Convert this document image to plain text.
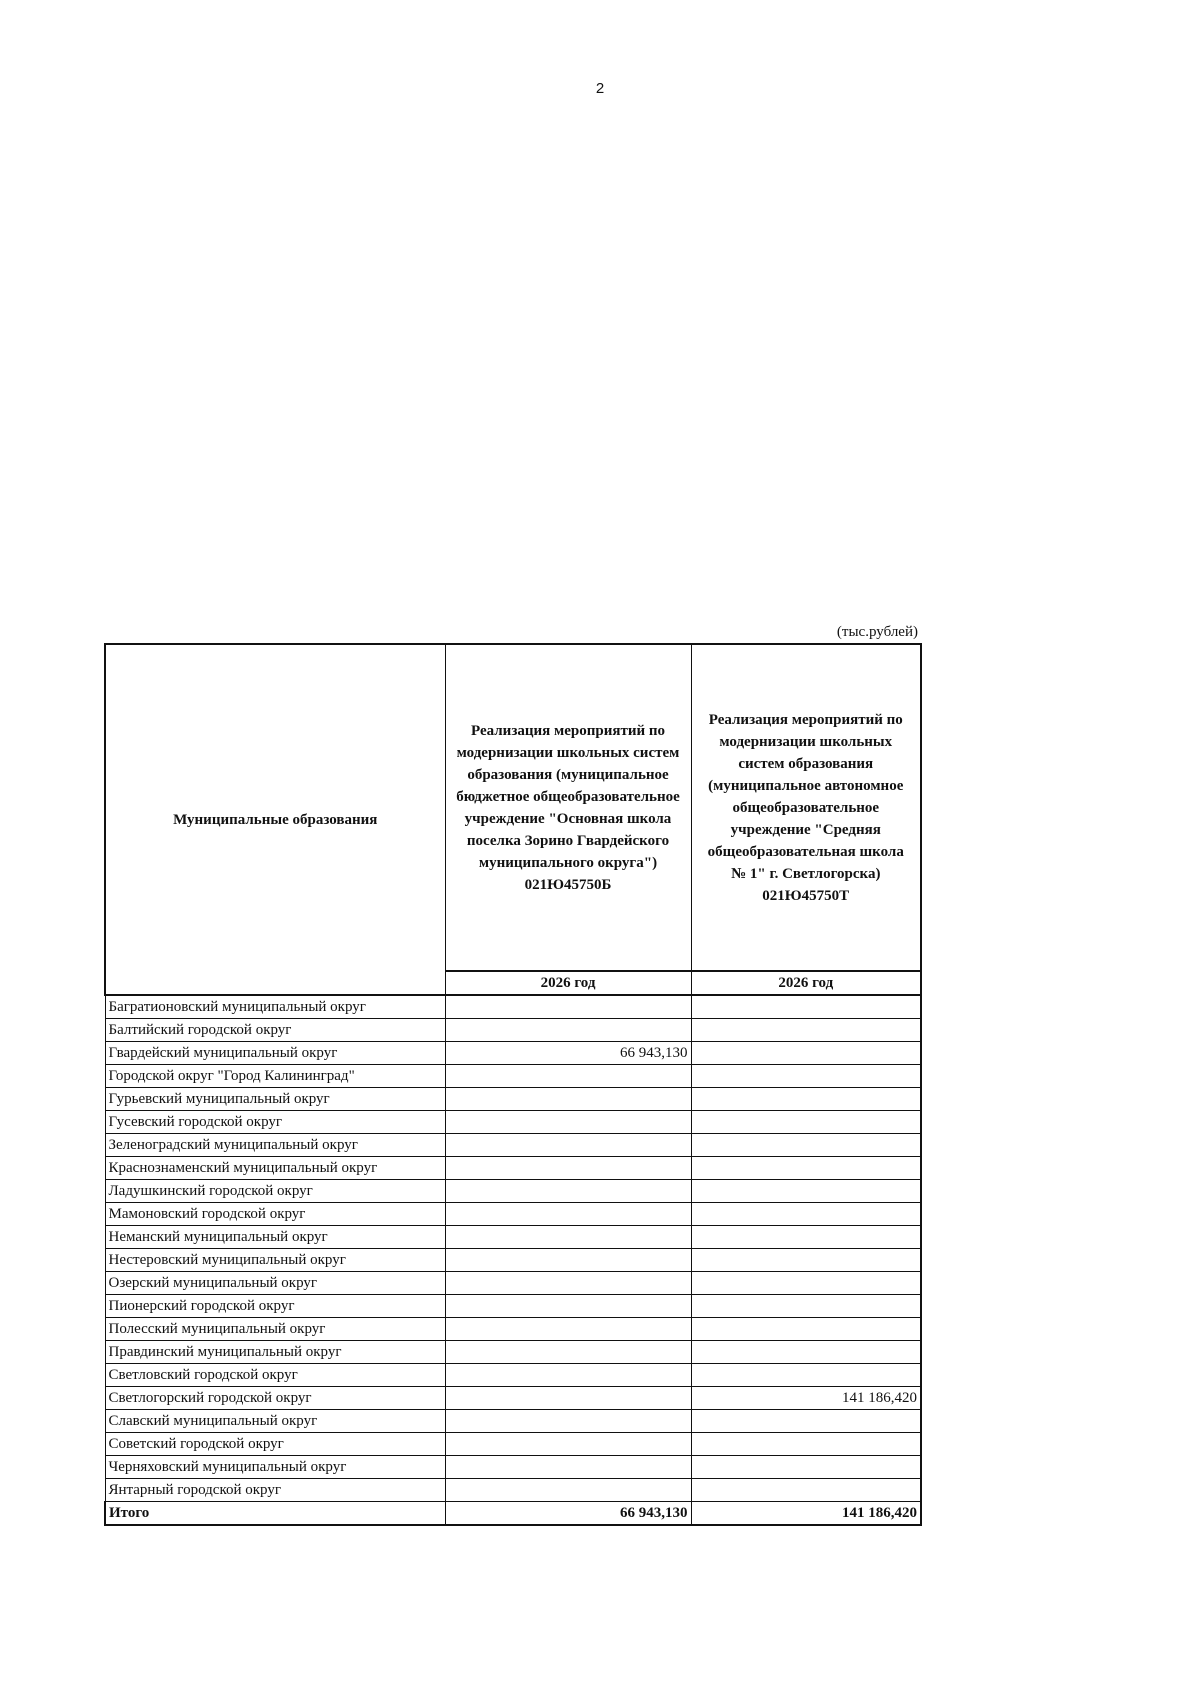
2
(тыс.рублей)
Муниципальные образования	Реализация мероприятий по модернизации школьных систем образования (муниципальное бюджетное общеобразовательное учреждение "Основная школа поселка Зорино Гвардейского муниципального округа") 021Ю45750Б	Реализация мероприятий по модернизации школьных систем образования (муниципальное автономное общеобразовательное учреждение "Средняя общеобразовательная школа № 1" г. Светлогорска) 021Ю45750Т
	2026 год	2026 год
Багратионовский муниципальный округ		
Балтийский городской округ		
Гвардейский муниципальный округ	66 943,130	
Городской округ "Город Калининград"		
Гурьевский муниципальный округ		
Гусевский городской округ		
Зеленоградский муниципальный округ		
Краснознаменский муниципальный округ		
Ладушкинский городской округ		
Мамоновский городской округ		
Неманский муниципальный округ		
Нестеровский муниципальный округ		
Озерский муниципальный округ		
Пионерский городской округ		
Полесский муниципальный округ		
Правдинский муниципальный округ		
Светловский городской округ		
Светлогорский городской округ		141 186,420
Славский муниципальный округ		
Советский городской округ		
Черняховский муниципальный округ		
Янтарный городской округ		
Итого	66 943,130	141 186,420
